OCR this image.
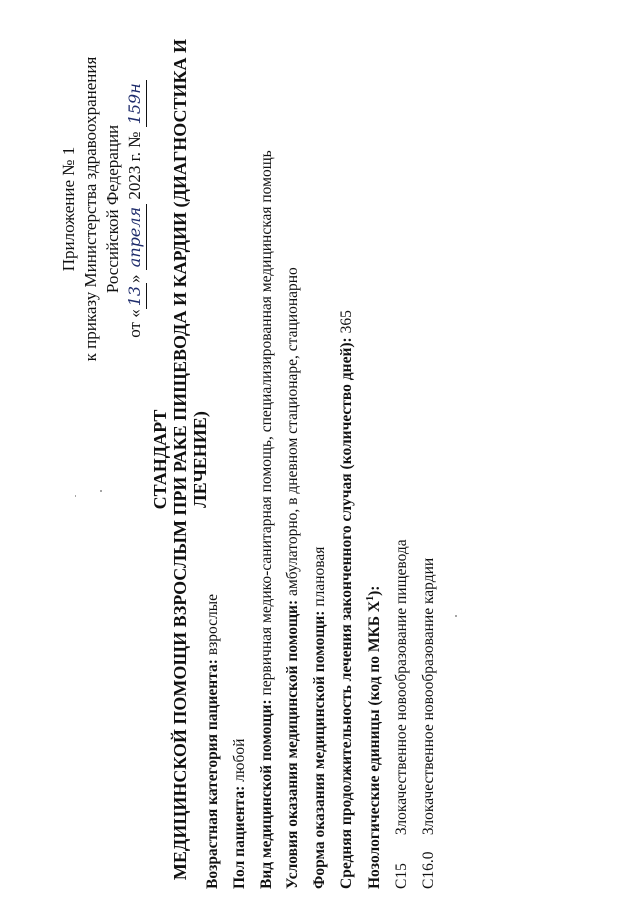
Приложение № 1 к приказу Министерства здравоохранения Российской Федерации
от «13» апреля 2023 г. № 159н
СТАНДАРТ МЕДИЦИНСКОЙ ПОМОЩИ ВЗРОСЛЫМ ПРИ РАКЕ ПИЩЕВОДА И КАРДИИ (ДИАГНОСТИКА И ЛЕЧЕНИЕ)
Возрастная категория пациента: взрослые
Пол пациента: любой Вид медицинской помощи: первичная медико-санитарная помощь, специализированная медицинская помощь
Условия оказания медицинской помощи: амбулаторно, в дневном стационаре, стационарно
Форма оказания медицинской помощи: плановая Средняя продолжительность лечения законченного случая (количество дней): 365
Нозологические единицы (код по МКБ $X^1$):
C15 Злокачественное новообразование пищевода
C16.0 Злокачественное новообразование кардии
